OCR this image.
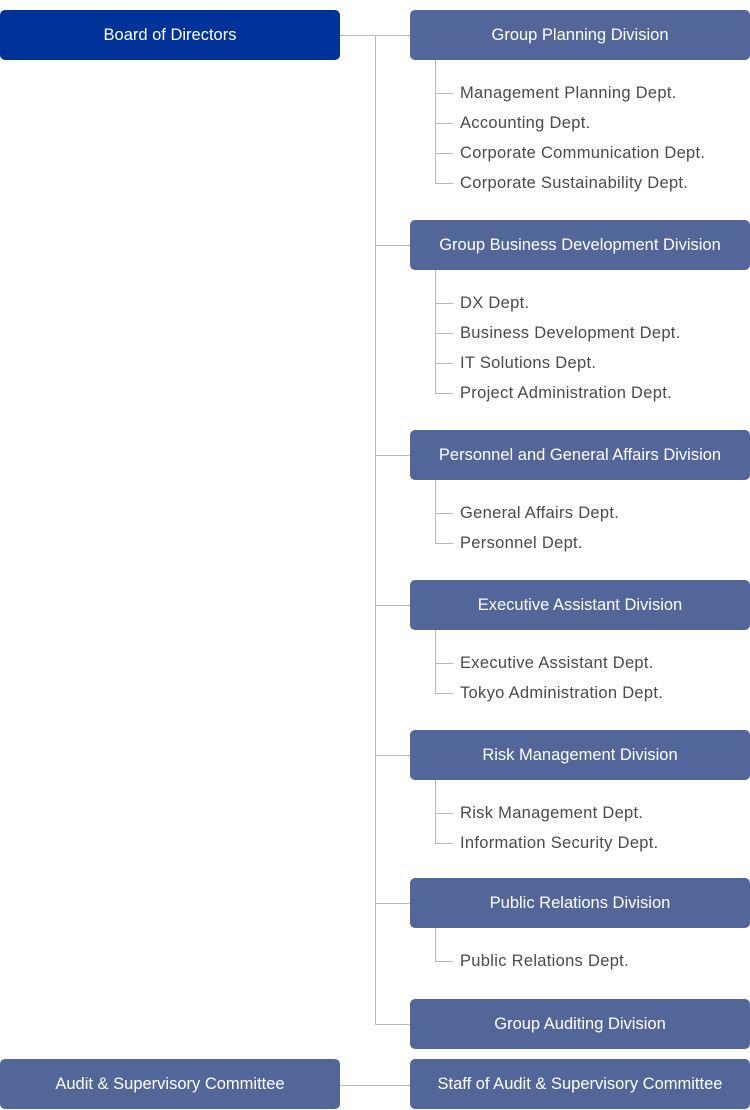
Board of Directors
Audit & Supervisory Committee	Staff of Audit & Supervisory Committee
Group Planning Division
Management Planning Dept.
Accounting Dept.
Corporate Communication Dept.
Corporate Sustainability Dept.
Group Business Development Division
DX Dept.
Business Development Dept.
IT Solutions Dept.
Project Administration Dept.
Personnel and General Affairs Division
General Affairs Dept.
Personnel Dept.
Executive Assistant Division
Executive Assistant Dept.
Tokyo Administration Dept.
Risk Management Division
Risk Management Dept.
Information Security Dept.
Public Relations Division
Public Relations Dept.
Group Auditing Division
